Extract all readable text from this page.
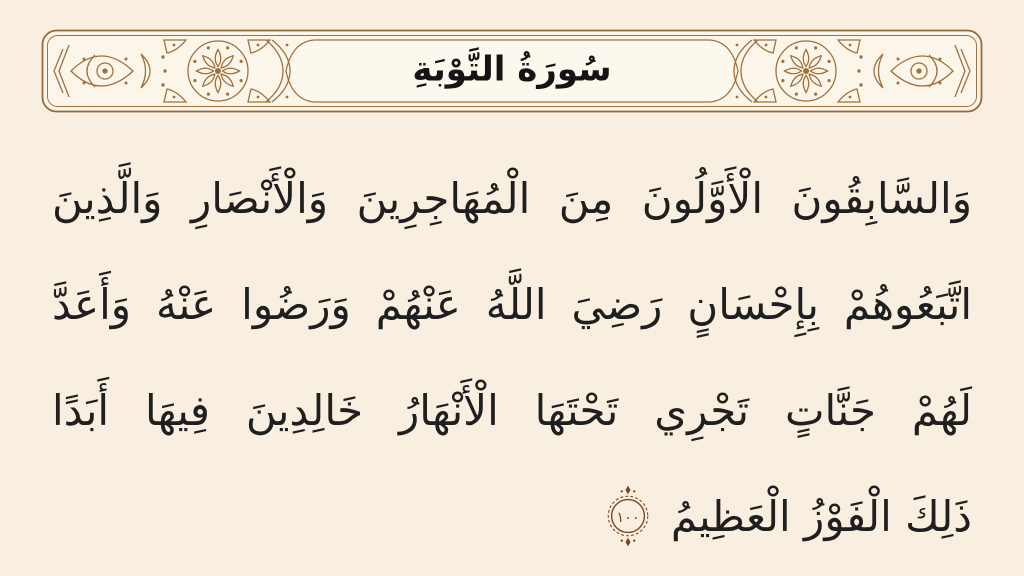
سُورَةُ التَّوْبَةِ
وَالسَّابِقُونَ الْأَوَّلُونَ مِنَ الْمُهَاجِرِينَ وَالْأَنْصَارِ وَالَّذِينَ
اتَّبَعُوهُمْ بِإِحْسَانٍ رَضِيَ اللَّهُ عَنْهُمْ وَرَضُوا عَنْهُ وَأَعَدَّ
لَهُمْ جَنَّاتٍ تَجْرِي تَحْتَهَا الْأَنْهَارُ خَالِدِينَ فِيهَا أَبَدًا
ذَلِكَ الْفَوْزُ الْعَظِيمُ
١٠٠
